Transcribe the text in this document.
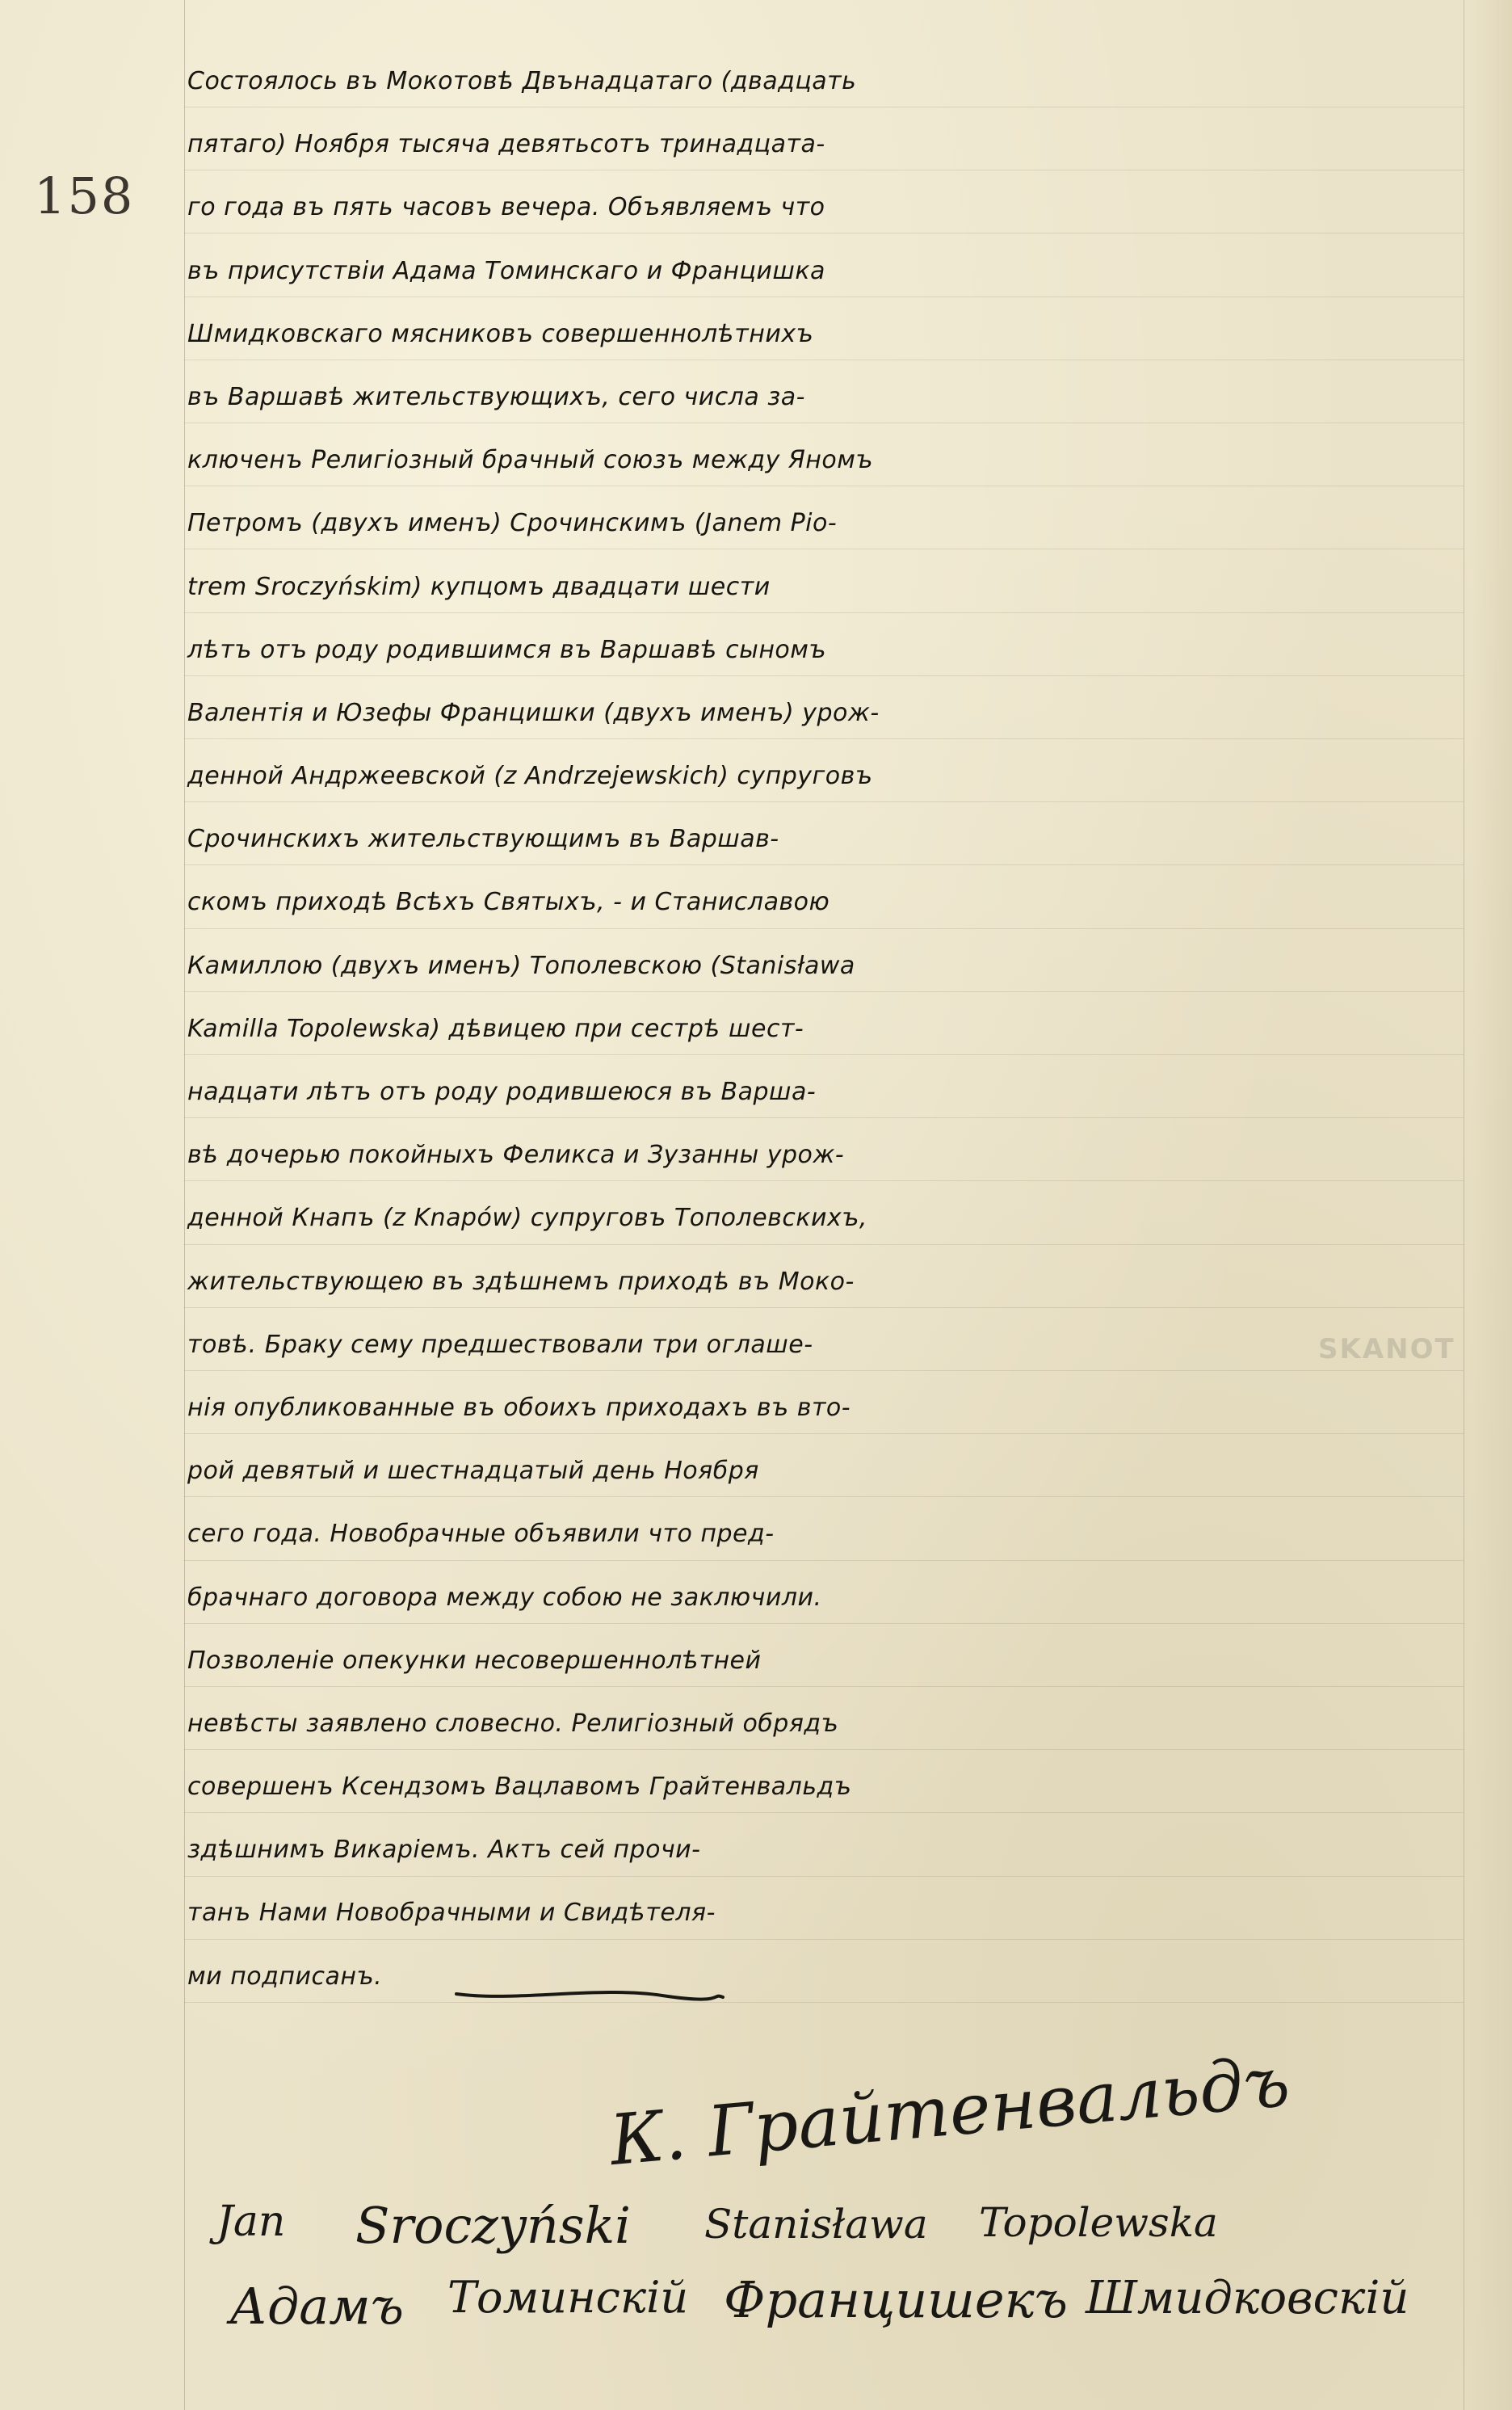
158
Состоялось въ Мокотовѣ Двънадцатаго (двадцать
пятаго) Ноября тысяча девятьсотъ тринадцата-
го года въ пять часовъ вечера. Объявляемъ что
въ присутствіи Адама Томинскаго и Францишка
Шмидковскаго мясниковъ совершеннолѣтнихъ
въ Варшавѣ жительствующихъ, сего числа за-
ключенъ Религіозный брачный союзъ между Яномъ
Петромъ (двухъ именъ) Срочинскимъ (Janem Pio-
trem Sroczyńskim) купцомъ двадцати шести
лѣтъ отъ роду родившимся въ Варшавѣ сыномъ
Валентія и Юзефы Францишки (двухъ именъ) урож-
денной Андржеевской (z Andrzejewskich) супруговъ
Срочинскихъ жительствующимъ въ Варшав-
скомъ приходѣ Всѣхъ Святыхъ, - и Станиславою
Камиллою (двухъ именъ) Тополевскою (Stanisława
Kamilla Topolewska) дѣвицею при сестрѣ шест-
надцати лѣтъ отъ роду родившеюся въ Варша-
вѣ дочерью покойныхъ Феликса и Зузанны урож-
денной Кнапъ (z Knapów) супруговъ Тополевскихъ,
жительствующею въ здѣшнемъ приходѣ въ Моко-
товѣ. Браку сему предшествовали три оглаше-
нія опубликованные въ обоихъ приходахъ въ вто-
рой девятый и шестнадцатый день Ноября
сего года. Новобрачные объявили что пред-
брачнаго договора между собою не заключили.
Позволеніе опекунки несовершеннолѣтней
невѣсты заявлено словесно. Религіозный обрядъ
совершенъ Ксендзомъ Вацлавомъ Грайтенвальдъ
здѣшнимъ Викаріемъ. Актъ сей прочи-
танъ Нами Новобрачными и Свидѣтеля-
ми подписанъ.
SKANOT
К. Грайтенвальдъ
Jan Sroczyński Stanisława Topolewska
Адамъ Томинскій Францишекъ Шмидковскій
